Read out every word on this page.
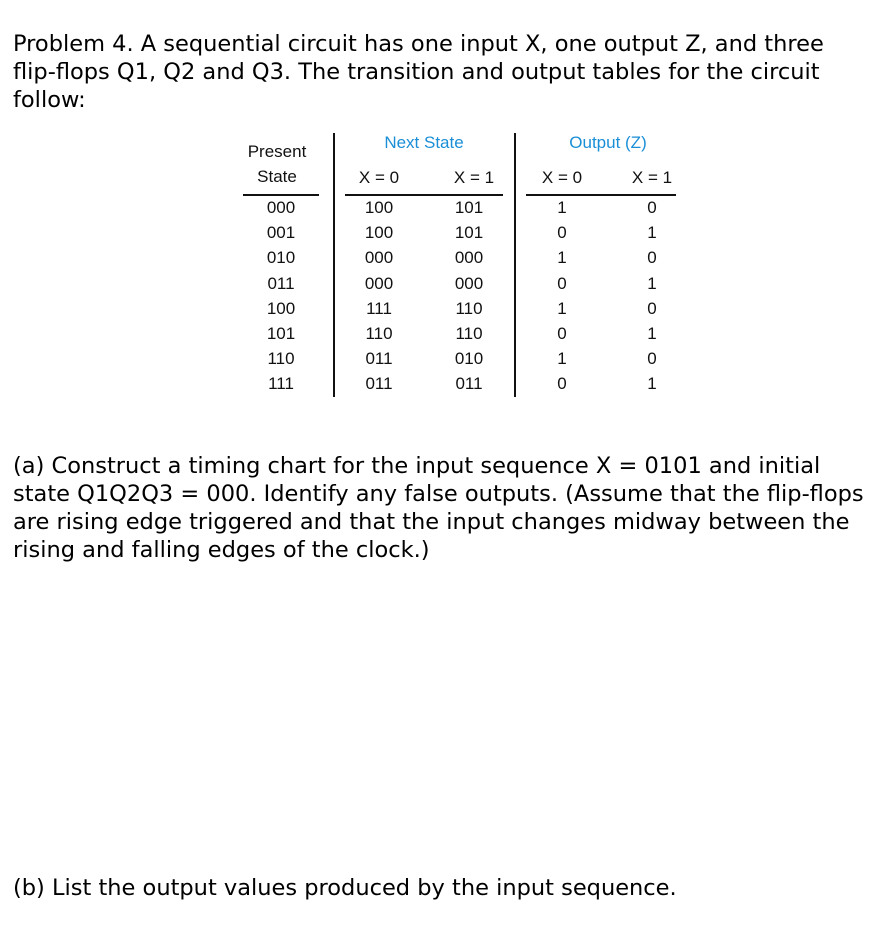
Problem 4. A sequential circuit has one input X, one output Z, and three flip-flops Q1, Q2 and Q3. The transition and output tables for the circuit follow:

Present
State
Next State	Output (Z)
X = 0	X = 1	X = 0	X = 1
000	100	101	1	0
001	100	101	0	1
010	000	000	1	0
011	000	000	0	1
100	111	110	1	0
101	110	110	0	1
110	011	010	1	0
111	011	011	0	1

(a) Construct a timing chart for the input sequence X = 0101 and initial state Q1Q2Q3 = 000. Identify any false outputs. (Assume that the flip-flops are rising edge triggered and that the input changes midway between the rising and falling edges of the clock.)

(b) List the output values produced by the input sequence.
